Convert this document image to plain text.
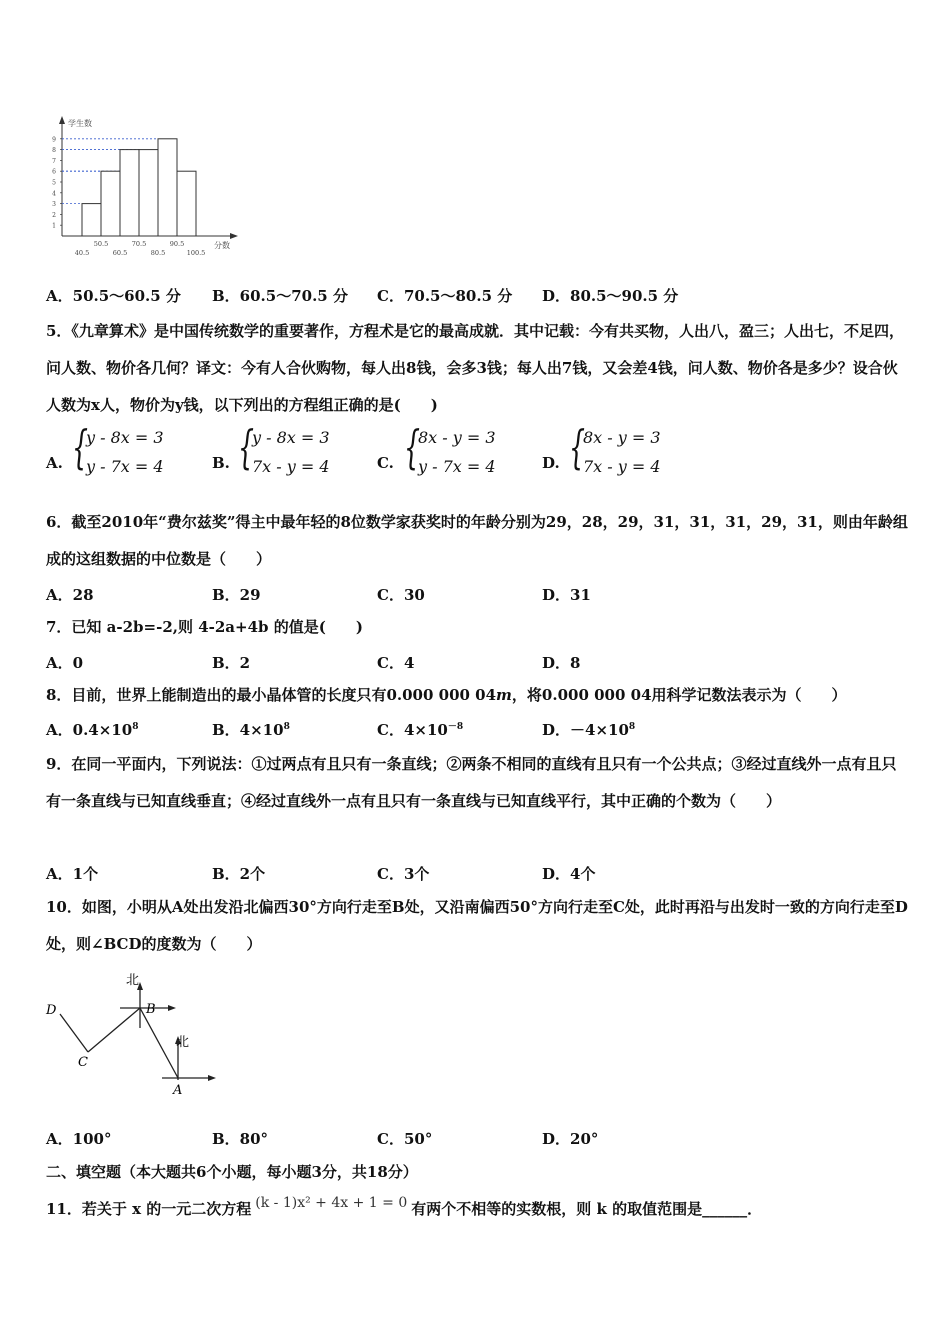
学生数
分数
1
2
3
4
5
6
7
8
9
40.5	60.5	80.5	100.5
50.5	70.5	90.5
A．50.5～60.5 分 B．60.5～70.5 分 C．70.5～80.5 分 D．80.5～90.5 分
5．《九章算术》是中国传统数学的重要著作，方程术是它的最高成就．其中记载：今有共买物，人出八，盈三；人出七，不足四，问人数、物价各几何？译文：今有人合伙购物，每人出8钱，会多3钱；每人出7钱，又会差4钱，问人数、物价各是多少？设合伙人数为x人，物价为y钱，以下列出的方程组正确的是(　　)
A. {
y - 8x = 3
y - 7x = 4	B. {
y - 8x = 3
7x - y = 4	C. {
8x - y = 3
y - 7x = 4	D. {
8x - y = 3
7x - y = 4
6．截至2010年“费尔兹奖”得主中最年轻的8位数学家获奖时的年龄分别为29，28，29，31，31，31，29，31，则由年龄组成的这组数据的中位数是（　　）
A．28	B．29	C．30	D．31
7．已知 a-2b=-2,则 4-2a+4b 的值是(　　)
A．0	B．2	C．4	D．8
8．目前，世界上能制造出的最小晶体管的长度只有0.000 000 04m，将0.000 000 04用科学记数法表示为（　　）
A．$0.4\times 10^8$	B．$4\times 10^8$	C．$4\times 10^{-8}$	D．$-4\times 10^8$
9．在同一平面内，下列说法：①过两点有且只有一条直线；②两条不相同的直线有且只有一个公共点；③经过直线外一点有且只有一条直线与已知直线垂直；④经过直线外一点有且只有一条直线与已知直线平行，其中正确的个数为（　　）
A．1个	B．2个	C．3个	D．4个
10．如图，小明从A处出发沿北偏西30°方向行走至B处，又沿南偏西50°方向行走至C处，此时再沿与出发时一致的方向行走至D处，则∠BCD的度数为（　　）
北
B
北
A
D
C
A．100°	B．80°	C．50°	D．20°
二、填空题（本大题共6个小题，每小题3分，共18分）
11．若关于 x 的一元二次方程 (k - 1)x² + 4x + 1 = 0 有两个不相等的实数根，则 k 的取值范围是______．
